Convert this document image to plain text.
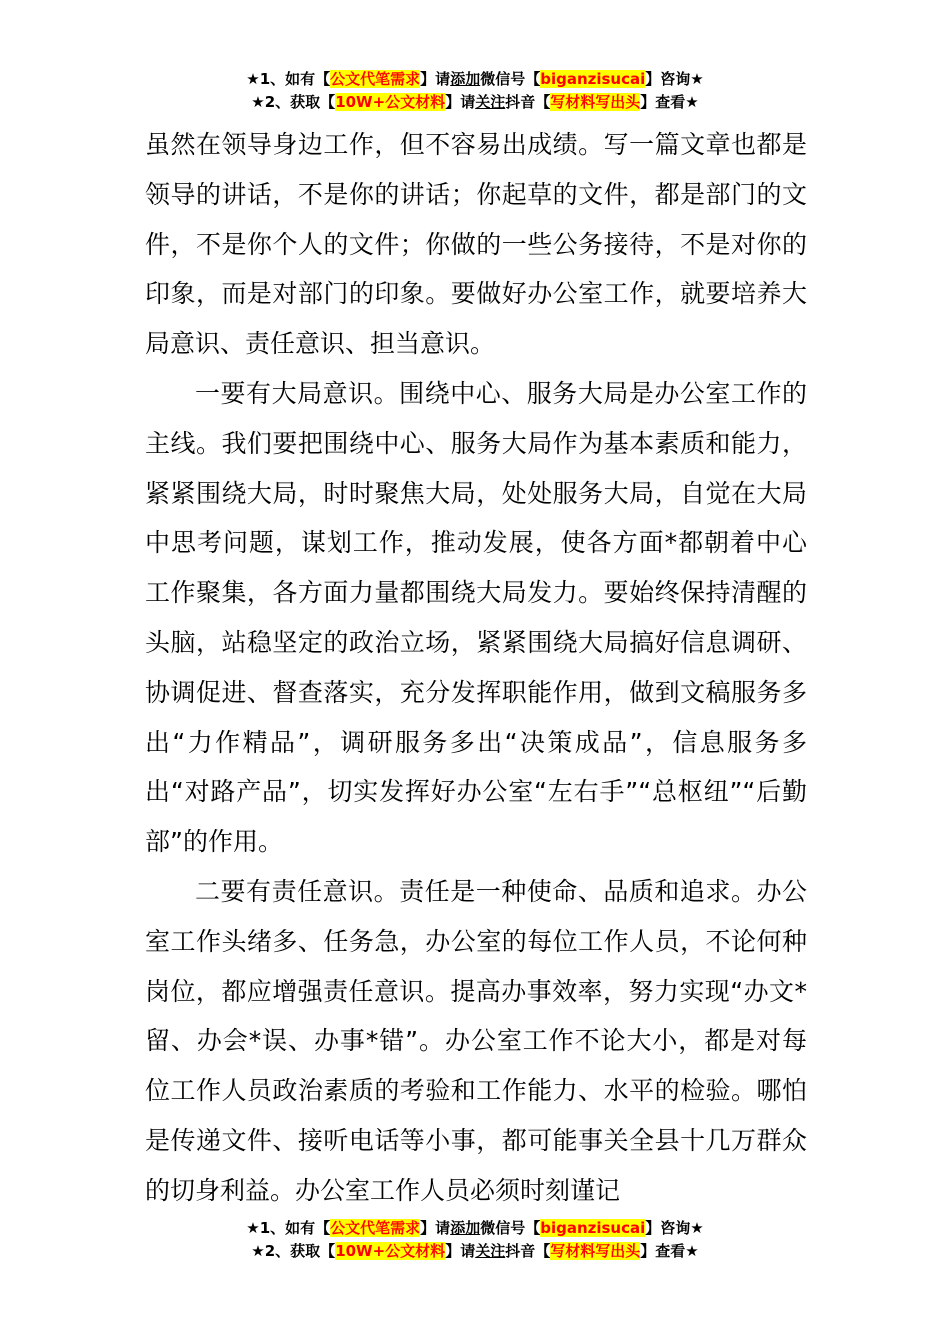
★1、如有【公文代笔需求】请添加微信号【biganzisucai】咨询★
★2、获取【10W+公文材料】请关注抖音【写材料写出头】查看★

虽然在领导身边工作，但不容易出成绩。写一篇文章也都是领导的讲话，不是你的讲话；你起草的文件，都是部门的文件，不是你个人的文件；你做的一些公务接待，不是对你的印象，而是对部门的印象。要做好办公室工作，就要培养大局意识、责任意识、担当意识。

一要有大局意识。围绕中心、服务大局是办公室工作的主线。我们要把围绕中心、服务大局作为基本素质和能力，紧紧围绕大局，时时聚焦大局，处处服务大局，自觉在大局中思考问题，谋划工作，推动发展，使各方面*都朝着中心工作聚集，各方面力量都围绕大局发力。要始终保持清醒的头脑，站稳坚定的政治立场，紧紧围绕大局搞好信息调研、协调促进、督查落实，充分发挥职能作用，做到文稿服务多出“力作精品”，调研服务多出“决策成品”，信息服务多出“对路产品”，切实发挥好办公室“左右手”“总枢纽”“后勤部”的作用。

二要有责任意识。责任是一种使命、品质和追求。办公室工作头绪多、任务急，办公室的每位工作人员，不论何种岗位，都应增强责任意识。提高办事效率，努力实现“办文*留、办会*误、办事*错”。办公室工作不论大小，都是对每位工作人员政治素质的考验和工作能力、水平的检验。哪怕是传递文件、接听电话等小事，都可能事关全县十几万群众的切身利益。办公室工作人员必须时刻谨记

★1、如有【公文代笔需求】请添加微信号【biganzisucai】咨询★
★2、获取【10W+公文材料】请关注抖音【写材料写出头】查看★
